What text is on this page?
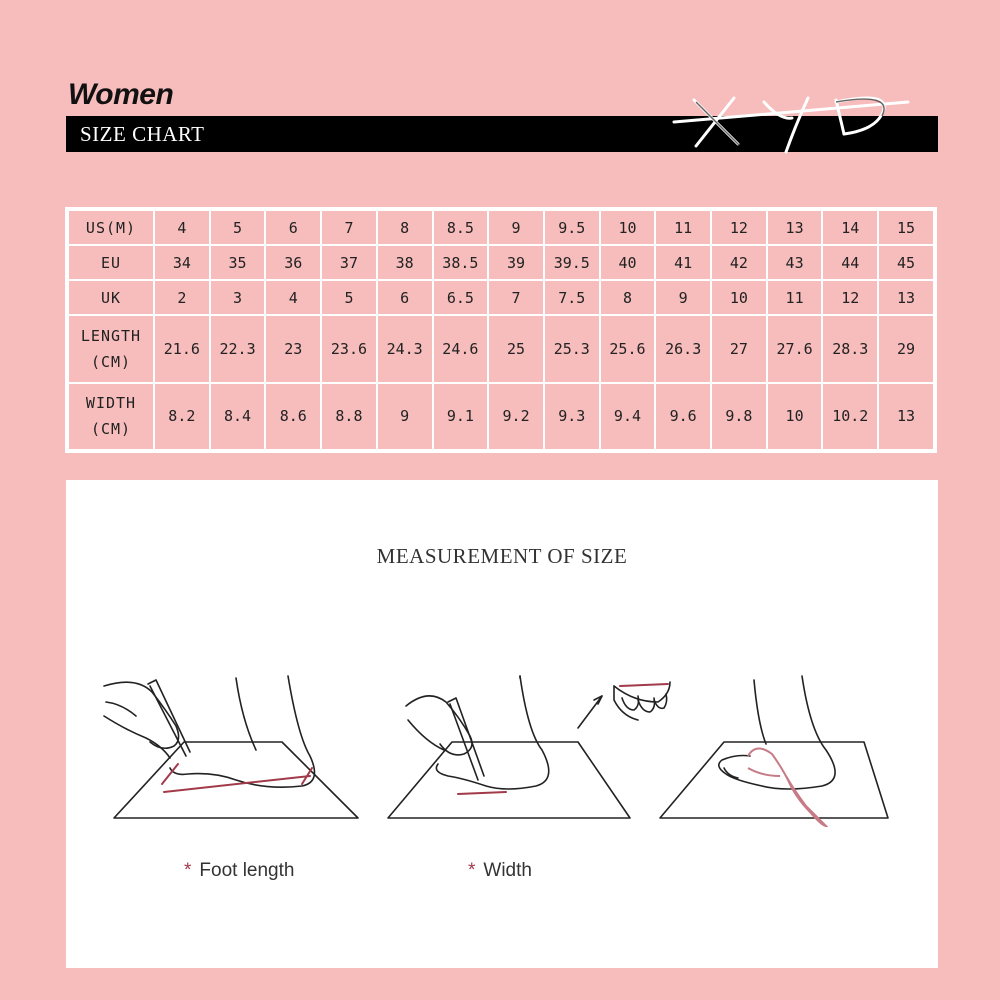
Women
SIZE CHART
US(M)	4	5	6	7	8	8.5	9	9.5	10	11	12	13	14	15

EU	34	35	36	37	38	38.5	39	39.5	40	41	42	43	44	45

UK	2	3	4	5	6	6.5	7	7.5	8	9	10	11	12	13

LENGTH
(CM)	21.6	22.3	23	23.6	24.3	24.6	25	25.3	25.6	26.3	27	27.6	28.3	29

WIDTH
(CM)	8.2	8.4	8.6	8.8	9	9.1	9.2	9.3	9.4	9.6	9.8	10	10.2	13
MEASUREMENT OF SIZE
* Foot length	* Width
